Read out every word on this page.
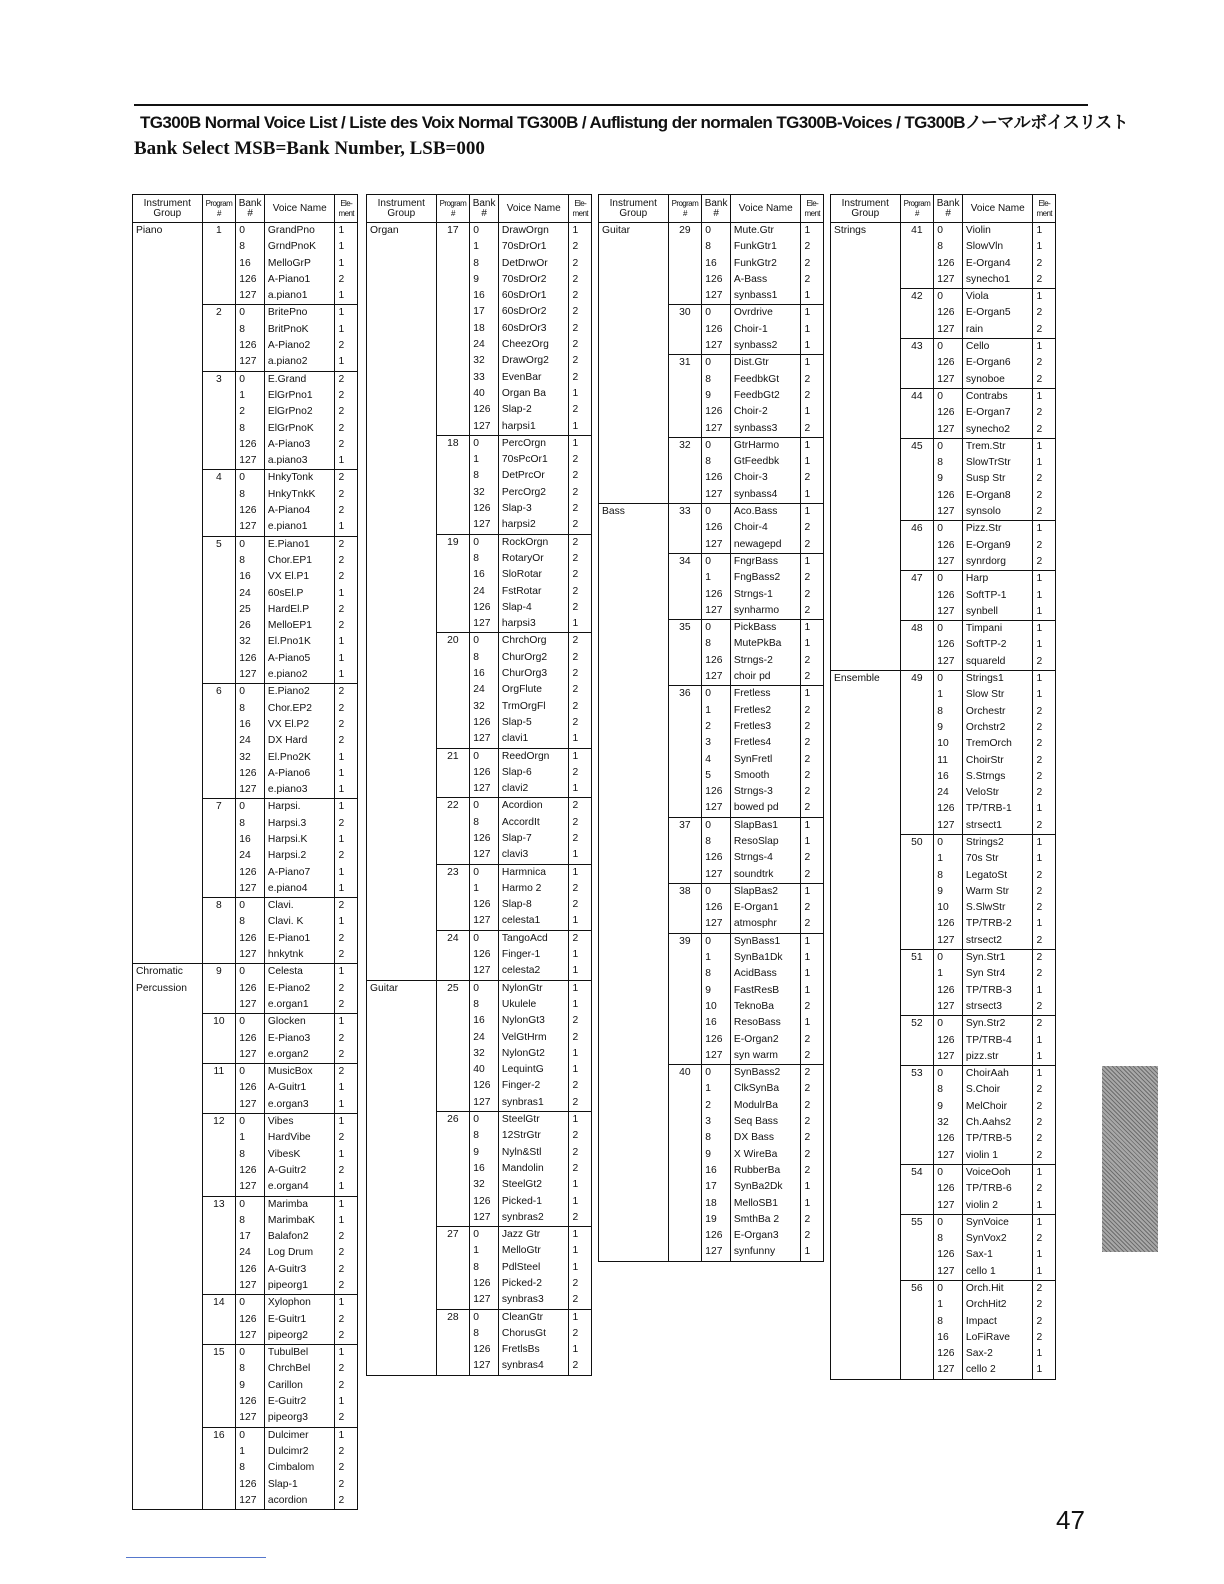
TG300B Normal Voice List / Liste des Voix Normal TG300B / Auflistung der normalen TG300B-Voices / TG300Bノーマルボイスリスト
Bank Select MSB=Bank Number, LSB=000
Instrument Group	Program #	Bank #	Voice Name	Ele-ment
Piano	1	0	GrandPno	1
		8	GrndPnoK	1
		16	MelloGrP	1
		126	A-Piano1	2
		127	a.piano1	1
	2	0	BritePno	1
		8	BritPnoK	1
		126	A-Piano2	2
		127	a.piano2	1
	3	0	E.Grand	2
		1	ElGrPno1	2
		2	ElGrPno2	2
		8	ElGrPnoK	2
		126	A-Piano3	2
		127	a.piano3	1
	4	0	HnkyTonk	2
		8	HnkyTnkK	2
		126	A-Piano4	2
		127	e.piano1	1
	5	0	E.Piano1	2
		8	Chor.EP1	2
		16	VX El.P1	2
		24	60sEl.P	1
		25	HardEl.P	2
		26	MelloEP1	2
		32	El.Pno1K	1
		126	A-Piano5	1
		127	e.piano2	1
	6	0	E.Piano2	2
		8	Chor.EP2	2
		16	VX El.P2	2
		24	DX Hard	2
		32	El.Pno2K	1
		126	A-Piano6	1
		127	e.piano3	1
	7	0	Harpsi.	1
		8	Harpsi.3	2
		16	Harpsi.K	1
		24	Harpsi.2	2
		126	A-Piano7	1
		127	e.piano4	1
	8	0	Clavi.	2
		8	Clavi. K	1
		126	E-Piano1	2
		127	hnkytnk	2

Chromatic Percussion	9	0	Celesta	1
		126	E-Piano2	2
		127	e.organ1	2
	10	0	Glocken	1
		126	E-Piano3	2
		127	e.organ2	2
	11	0	MusicBox	2
		126	A-Guitr1	1
		127	e.organ3	1
	12	0	Vibes	1
		1	HardVibe	2
		8	VibesK	1
		126	A-Guitr2	2
		127	e.organ4	1
	13	0	Marimba	1
		8	MarimbaK	1
		17	Balafon2	2
		24	Log Drum	2
		126	A-Guitr3	2
		127	pipeorg1	2
	14	0	Xylophon	1
		126	E-Guitr1	2
		127	pipeorg2	2
	15	0	TubulBel	1
		8	ChrchBel	2
		9	Carillon	2
		126	E-Guitr2	1
		127	pipeorg3	2
	16	0	Dulcimer	1
		1	Dulcimr2	2
		8	Cimbalom	2
		126	Slap-1	2
		127	acordion	2
Instrument Group	Program #	Bank #	Voice Name	Ele-ment
Organ	17	0	DrawOrgn	1
		1	70sDrOr1	2
		8	DetDrwOr	2
		9	70sDrOr2	2
		16	60sDrOr1	2
		17	60sDrOr2	2
		18	60sDrOr3	2
		24	CheezOrg	2
		32	DrawOrg2	2
		33	EvenBar	2
		40	Organ Ba	1
		126	Slap-2	2
		127	harpsi1	1
	18	0	PercOrgn	1
		1	70sPcOr1	2
		8	DetPrcOr	2
		32	PercOrg2	2
		126	Slap-3	2
		127	harpsi2	2
	19	0	RockOrgn	2
		8	RotaryOr	2
		16	SloRotar	2
		24	FstRotar	2
		126	Slap-4	2
		127	harpsi3	1
	20	0	ChrchOrg	2
		8	ChurOrg2	2
		16	ChurOrg3	2
		24	OrgFlute	2
		32	TrmOrgFl	2
		126	Slap-5	2
		127	clavi1	1
	21	0	ReedOrgn	1
		126	Slap-6	2
		127	clavi2	1
	22	0	Acordion	2
		8	AccordIt	2
		126	Slap-7	2
		127	clavi3	1
	23	0	Harmnica	1
		1	Harmo 2	2
		126	Slap-8	2
		127	celesta1	1
	24	0	TangoAcd	2
		126	Finger-1	1
		127	celesta2	1
Guitar	25	0	NylonGtr	1
		8	Ukulele	1
		16	NylonGt3	2
		24	VelGtHrm	2
		32	NylonGt2	1
		40	LequintG	1
		126	Finger-2	2
		127	synbras1	2
	26	0	SteelGtr	1
		8	12StrGtr	2
		9	Nyln&Stl	2
		16	Mandolin	2
		32	SteelGt2	1
		126	Picked-1	1
		127	synbras2	2
	27	0	Jazz Gtr	1
		1	MelloGtr	1
		8	PdlSteel	1
		126	Picked-2	2
		127	synbras3	2
	28	0	CleanGtr	1
		8	ChorusGt	2
		126	FretlsBs	1
		127	synbras4	2
Instrument Group	Program #	Bank #	Voice Name	Ele-ment
Guitar	29	0	Mute.Gtr	1
		8	FunkGtr1	2
		16	FunkGtr2	2
		126	A-Bass	2
		127	synbass1	1
	30	0	Ovrdrive	1
		126	Choir-1	1
		127	synbass2	1
	31	0	Dist.Gtr	1
		8	FeedbkGt	2
		9	FeedbGt2	2
		126	Choir-2	1
		127	synbass3	2
	32	0	GtrHarmo	1
		8	GtFeedbk	1
		126	Choir-3	2
		127	synbass4	1
Bass	33	0	Aco.Bass	1
		126	Choir-4	2
		127	newagepd	2
	34	0	FngrBass	1
		1	FngBass2	2
		126	Strngs-1	2
		127	synharmo	2
	35	0	PickBass	1
		8	MutePkBa	1
		126	Strngs-2	2
		127	choir pd	2
	36	0	Fretless	1
		1	Fretles2	2
		2	Fretles3	2
		3	Fretles4	2
		4	SynFretl	2
		5	Smooth	2
		126	Strngs-3	2
		127	bowed pd	2
	37	0	SlapBas1	1
		8	ResoSlap	1
		126	Strngs-4	2
		127	soundtrk	2
	38	0	SlapBas2	1
		126	E-Organ1	2
		127	atmosphr	2
	39	0	SynBass1	1
		1	SynBa1Dk	1
		8	AcidBass	1
		9	FastResB	1
		10	TeknoBa	2
		16	ResoBass	1
		126	E-Organ2	2
		127	syn warm	2
	40	0	SynBass2	2
		1	ClkSynBa	2
		2	ModulrBa	2
		3	Seq Bass	2
		8	DX Bass	2
		9	X WireBa	2
		16	RubberBa	2
		17	SynBa2Dk	1
		18	MelloSB1	1
		19	SmthBa 2	2
		126	E-Organ3	2
		127	synfunny	1
Instrument Group	Program #	Bank #	Voice Name	Ele-ment
Strings	41	0	Violin	1
		8	SlowVln	1
		126	E-Organ4	2
		127	synecho1	2
	42	0	Viola	1
		126	E-Organ5	2
		127	rain	2
	43	0	Cello	1
		126	E-Organ6	2
		127	synoboe	2
	44	0	Contrabs	1
		126	E-Organ7	2
		127	synecho2	2
	45	0	Trem.Str	1
		8	SlowTrStr	1
		9	Susp Str	2
		126	E-Organ8	2
		127	synsolo	2
	46	0	Pizz.Str	1
		126	E-Organ9	2
		127	synrdorg	2
	47	0	Harp	1
		126	SoftTP-1	1
		127	synbell	1
	48	0	Timpani	1
		126	SoftTP-2	1
		127	squareld	2
Ensemble	49	0	Strings1	1
		1	Slow Str	1
		8	Orchestr	2
		9	Orchstr2	2
		10	TremOrch	2
		11	ChoirStr	2
		16	S.Strngs	2
		24	VeloStr	2
		126	TP/TRB-1	1
		127	strsect1	2
	50	0	Strings2	1
		1	70s Str	1
		8	LegatoSt	2
		9	Warm Str	2
		10	S.SlwStr	2
		126	TP/TRB-2	1
		127	strsect2	2
	51	0	Syn.Str1	2
		1	Syn Str4	2
		126	TP/TRB-3	1
		127	strsect3	2
	52	0	Syn.Str2	2
		126	TP/TRB-4	1
		127	pizz.str	1
	53	0	ChoirAah	1
		8	S.Choir	2
		9	MelChoir	2
		32	Ch.Aahs2	2
		126	TP/TRB-5	2
		127	violin 1	2
	54	0	VoiceOoh	1
		126	TP/TRB-6	2
		127	violin 2	1
	55	0	SynVoice	1
		8	SynVox2	2
		126	Sax-1	1
		127	cello 1	1
	56	0	Orch.Hit	2
		1	OrchHit2	2
		8	Impact	2
		16	LoFiRave	2
		126	Sax-2	1
		127	cello 2	1
47
